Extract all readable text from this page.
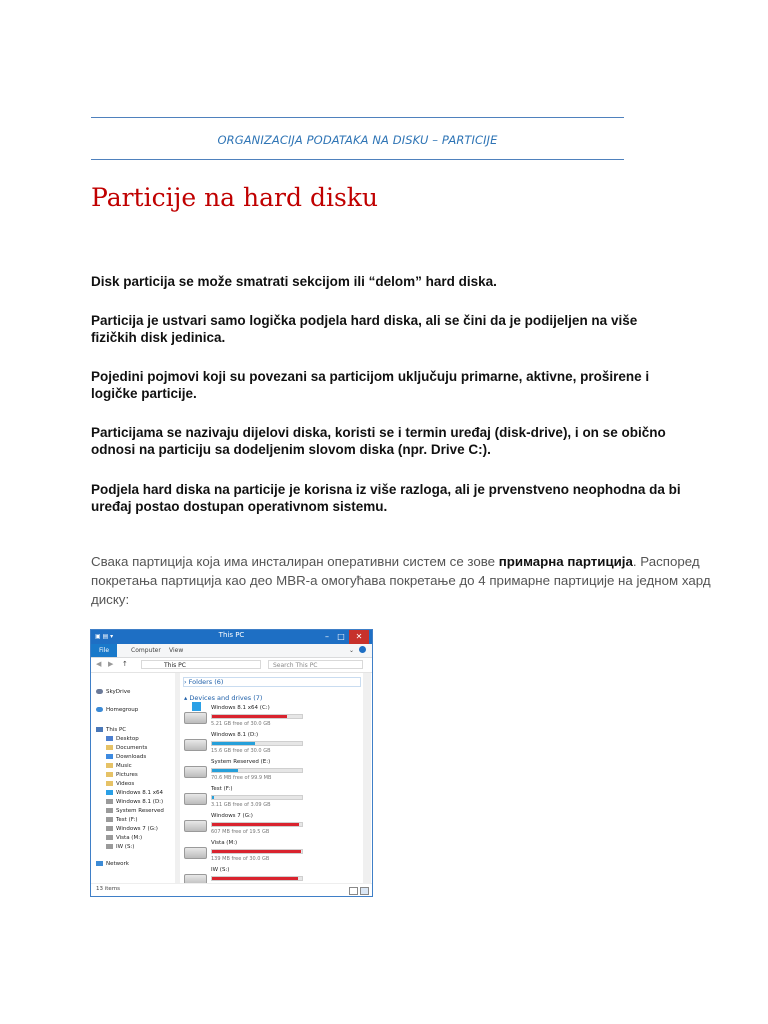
ORGANIZACIJA PODATAKA NA DISKU – PARTICIJE
Particije na hard disku
Disk particija se može smatrati sekcijom ili “delom” hard diska.
Particija je ustvari samo logička podjela hard diska, ali se čini da je podijeljen na više fizičkih disk jedinica.
Pojedini pojmovi koji su povezani sa particijom uključuju primarne, aktivne, proširene i logičke particije.
Particijama se nazivaju dijelovi diska, koristi se i termin uređaj (disk-drive), i on se obično odnosi na particiju sa dodeljenim slovom diska (npr. Drive C:).
Podjela hard diska na particije je korisna iz više razloga, ali je prvenstveno neophodna da bi uređaj postao dostupan operativnom sistemu.
Свака партиција која има инсталиран оперативни систем се зове примарна партиција. Распоред покретања партиција као део MBR-а омогућава покретање до 4 примарне партиције на једном хард диску:
▣ ▤ ▾	This PC	–	□	✕
File	Computer View	⌄
◀ ▶ ↑	This PC	Search This PC
SkyDrive
Homegroup
This PC
Desktop
Documents
Downloads
Music
Pictures
Videos
Windows 8.1 x64
Windows 8.1 (D:)
System Reserved
Test (F:)
Windows 7 (G:)
Vista (M:)
IW (S:)
Network
› Folders (6)
▴ Devices and drives (7)
Windows 8.1 x64 (C:)
5.21 GB free of 30.0 GB
Windows 8.1 (D:)
15.6 GB free of 30.0 GB
System Reserved (E:)
70.6 MB free of 99.9 MB
Test (F:)
3.11 GB free of 3.09 GB
Windows 7 (G:)
607 MB free of 19.5 GB
Vista (M:)
139 MB free of 30.0 GB
IW (S:)
13 items
